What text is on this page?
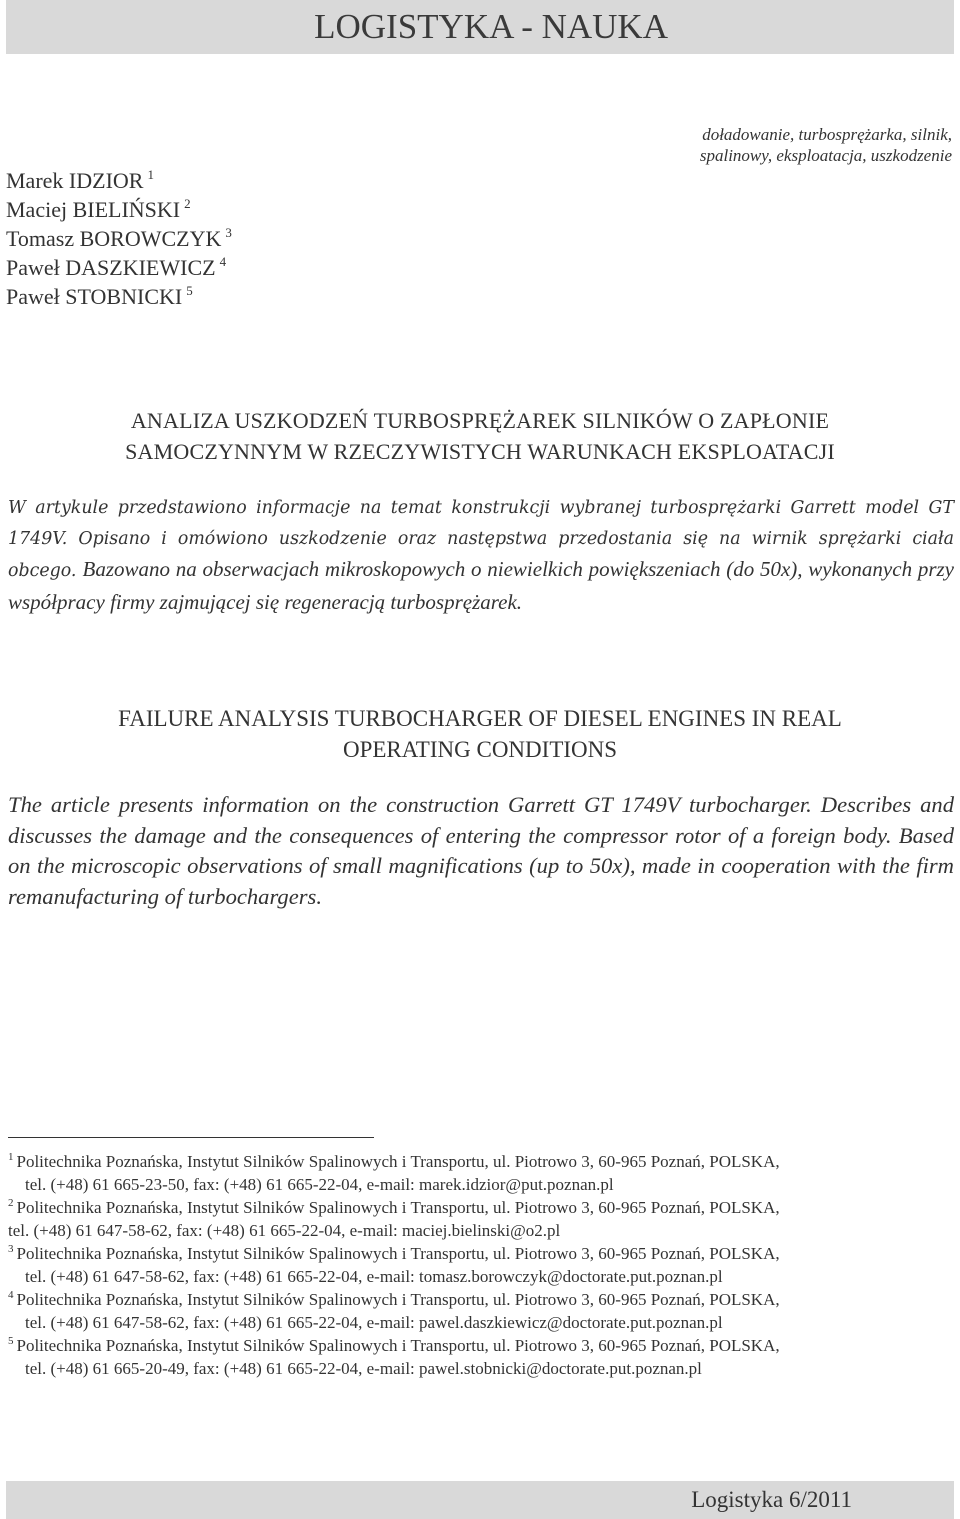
LOGISTYKA - NAUKA
doładowanie, turbosprężarka, silnik,
spalinowy, eksploatacja, uszkodzenie
Marek IDZIOR $^1$
Maciej BIELIŃSKI $^2$
Tomasz BOROWCZYK $^3$
Paweł DASZKIEWICZ $^4$
Paweł STOBNICKI $^5$
ANALIZA USZKODZEŃ TURBOSPRĘŻAREK SILNIKÓW O ZAPŁONIE
SAMOCZYNNYM W RZECZYWISTYCH WARUNKACH EKSPLOATACJI
W artykule przedstawiono informacje na temat konstrukcji wybranej turbosprężarki Garrett model GT 1749V. Opisano i omówiono uszkodzenie oraz następstwa przedostania się na wirnik sprężarki ciała obcego. Bazowano na obserwacjach mikroskopowych o niewielkich powiększeniach (do 50x), wykonanych przy współpracy firmy zajmującej się regeneracją turbosprężarek.
FAILURE ANALYSIS TURBOCHARGER OF DIESEL ENGINES IN REAL
OPERATING CONDITIONS
The article presents information on the construction Garrett GT 1749V turbocharger. Describes and discusses the damage and the consequences of entering the compressor rotor of a foreign body. Based on the microscopic observations of small magnifications (up to 50x), made in cooperation with the firm remanufacturing of turbochargers.
$^1$ Politechnika Poznańska, Instytut Silników Spalinowych i Transportu, ul. Piotrowo 3, 60-965 Poznań, POLSKA,
tel. (+48) 61 665-23-50, fax: (+48) 61 665-22-04, e-mail: marek.idzior@put.poznan.pl
$^2$ Politechnika Poznańska, Instytut Silników Spalinowych i Transportu, ul. Piotrowo 3, 60-965 Poznań, POLSKA,
tel. (+48) 61 647-58-62, fax: (+48) 61 665-22-04, e-mail: maciej.bielinski@o2.pl
$^3$ Politechnika Poznańska, Instytut Silników Spalinowych i Transportu, ul. Piotrowo 3, 60-965 Poznań, POLSKA,
tel. (+48) 61 647-58-62, fax: (+48) 61 665-22-04, e-mail: tomasz.borowczyk@doctorate.put.poznan.pl
$^4$ Politechnika Poznańska, Instytut Silników Spalinowych i Transportu, ul. Piotrowo 3, 60-965 Poznań, POLSKA,
tel. (+48) 61 647-58-62, fax: (+48) 61 665-22-04, e-mail: pawel.daszkiewicz@doctorate.put.poznan.pl
$^5$ Politechnika Poznańska, Instytut Silników Spalinowych i Transportu, ul. Piotrowo 3, 60-965 Poznań, POLSKA,
tel. (+48) 61 665-20-49, fax: (+48) 61 665-22-04, e-mail: pawel.stobnicki@doctorate.put.poznan.pl
Logistyka 6/2011
